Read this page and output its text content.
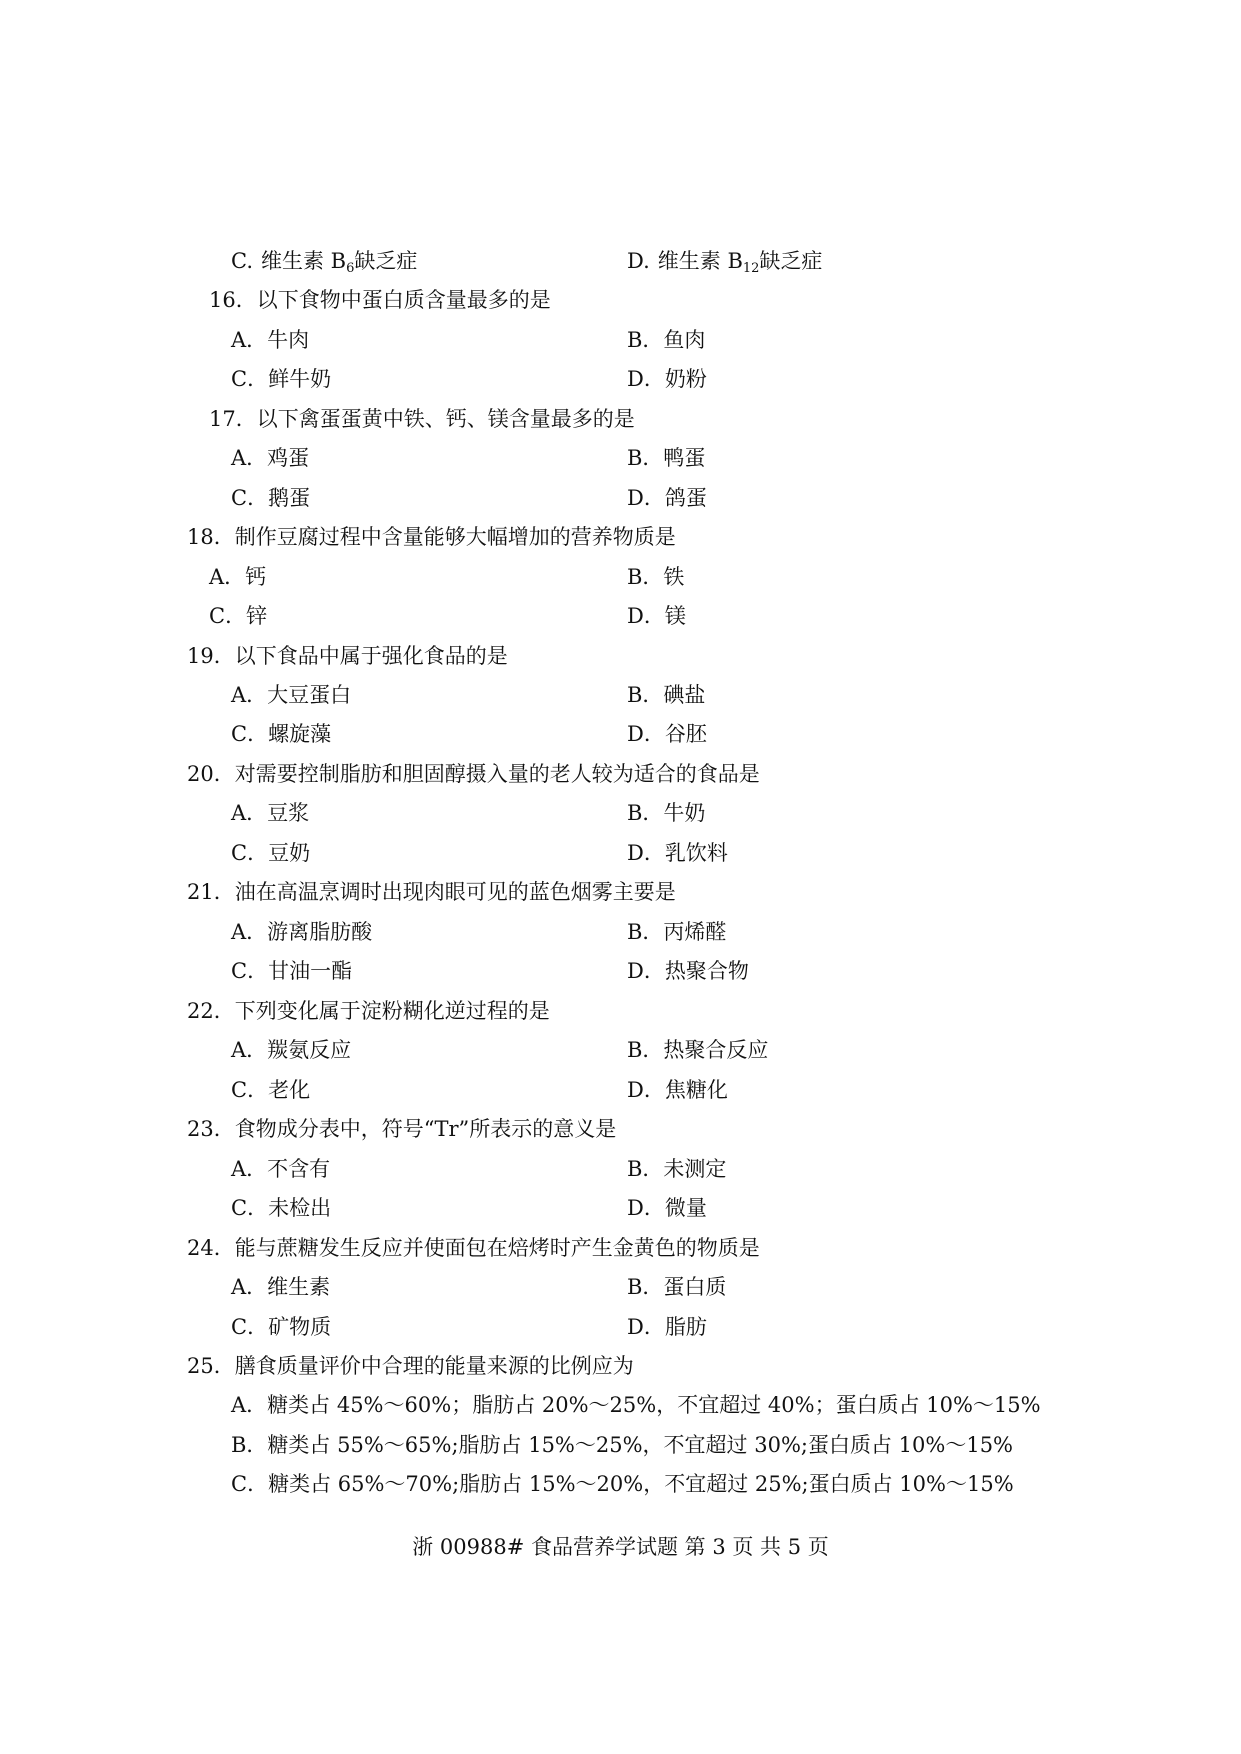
C. 维生素 $B_6$缺乏症	D. 维生素 $B_{12}$缺乏症
16．以下食物中蛋白质含量最多的是
A．牛肉	B．鱼肉
C．鲜牛奶	D．奶粉
17．以下禽蛋蛋黄中铁、钙、镁含量最多的是
A．鸡蛋	B．鸭蛋
C．鹅蛋	D．鸽蛋
18．制作豆腐过程中含量能够大幅增加的营养物质是
A．钙	B．铁
C．锌	D．镁
19．以下食品中属于强化食品的是
A．大豆蛋白	B．碘盐
C．螺旋藻	D．谷胚
20．对需要控制脂肪和胆固醇摄入量的老人较为适合的食品是
A．豆浆	B．牛奶
C．豆奶	D．乳饮料
21．油在高温烹调时出现肉眼可见的蓝色烟雾主要是
A．游离脂肪酸	B．丙烯醛
C．甘油一酯	D．热聚合物
22．下列变化属于淀粉糊化逆过程的是
A．羰氨反应	B．热聚合反应
C．老化	D．焦糖化
23．食物成分表中，符号“Tr”所表示的意义是
A．不含有	B．未测定
C．未检出	D．微量
24．能与蔗糖发生反应并使面包在焙烤时产生金黄色的物质是
A．维生素	B．蛋白质
C．矿物质	D．脂肪
25．膳食质量评价中合理的能量来源的比例应为
A．糖类占 45%～60%；脂肪占 20%～25%，不宜超过 40%；蛋白质占 10%～15%
B．糖类占 55%～65%;脂肪占 15%～25%，不宜超过 30%;蛋白质占 10%～15%
C．糖类占 65%～70%;脂肪占 15%～20%，不宜超过 25%;蛋白质占 10%～15%
浙 00988# 食品营养学试题 第 3 页 共 5 页
